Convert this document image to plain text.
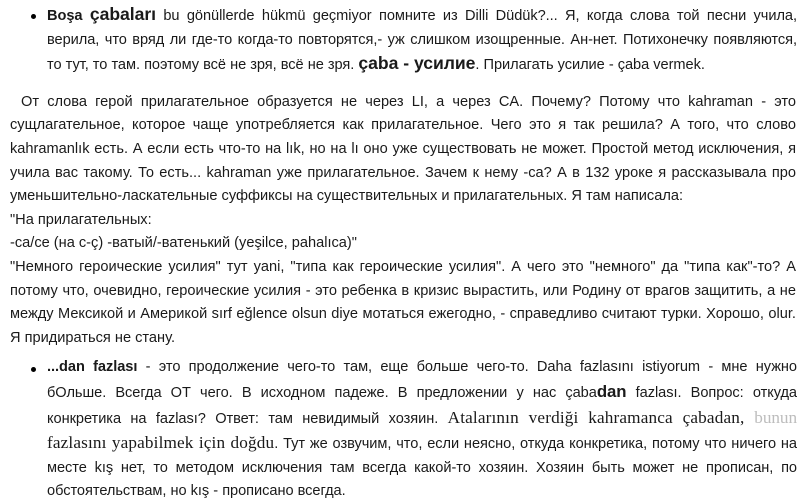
Boşa çabaları bu gönüllerde hükmü geçmiyor помните из Dilli Düdük?... Я, когда слова той песни учила, верила, что вряд ли где-то когда-то повторятся,- уж слишком изощренные. Ан-нет. Потихонечку появляются, то тут, то там. поэтому всё не зря, всё не зря. çaba - усилие. Прилагать усилие - çaba vermek.

От слова герой прилагательное образуется не через LI, а через CA. Почему? Потому что kahraman - это сущлагательное, которое чаще употребляется как прилагательное. Чего это я так решила? А того, что слово kahramanlık есть. А если есть что-то на lık, но на lı оно уже существовать не может. Простой метод исключения, я учила вас такому. То есть... kahraman уже прилагательное. Зачем к нему -ca? А в 132 уроке я рассказывала про уменьшительно-ласкательные суффиксы на существительных и прилагательных. Я там написала:

"На прилагательных:

-ca/ce (на c-ç) -ватый/-ватенький (yeşilce, pahalıca)"

"Немного героические усилия" тут yani, "типа как героические усилия". А чего это "немного" да "типа как"-то? А потому что, очевидно, героические усилия - это ребенка в кризис вырастить, или Родину от врагов защитить, а не между Мексикой и Америкой sırf eğlence olsun diye мотаться ежегодно, - справедливо считают турки. Хорошо, olur. Я придираться не стану.

...dan fazlası - это продолжение чего-то там, еще больше чего-то. Daha fazlasını istiyorum - мне нужно бОльше. Всегда ОТ чего. В исходном падеже. В предложении у нас çabadan fazlası. Вопрос: откуда конкретика на fazlası? Ответ: там невидимый хозяин. Atalarının verdiği kahramanca çabadan, bunun fazlasını yapabilmek için doğdu. Тут же озвучим, что, если неясно, откуда конкретика, потому что ничего на месте kış нет, то методом исключения там всегда какой-то хозяин. Хозяин быть может не прописан, по обстоятельствам, но kış - прописано всегда.
